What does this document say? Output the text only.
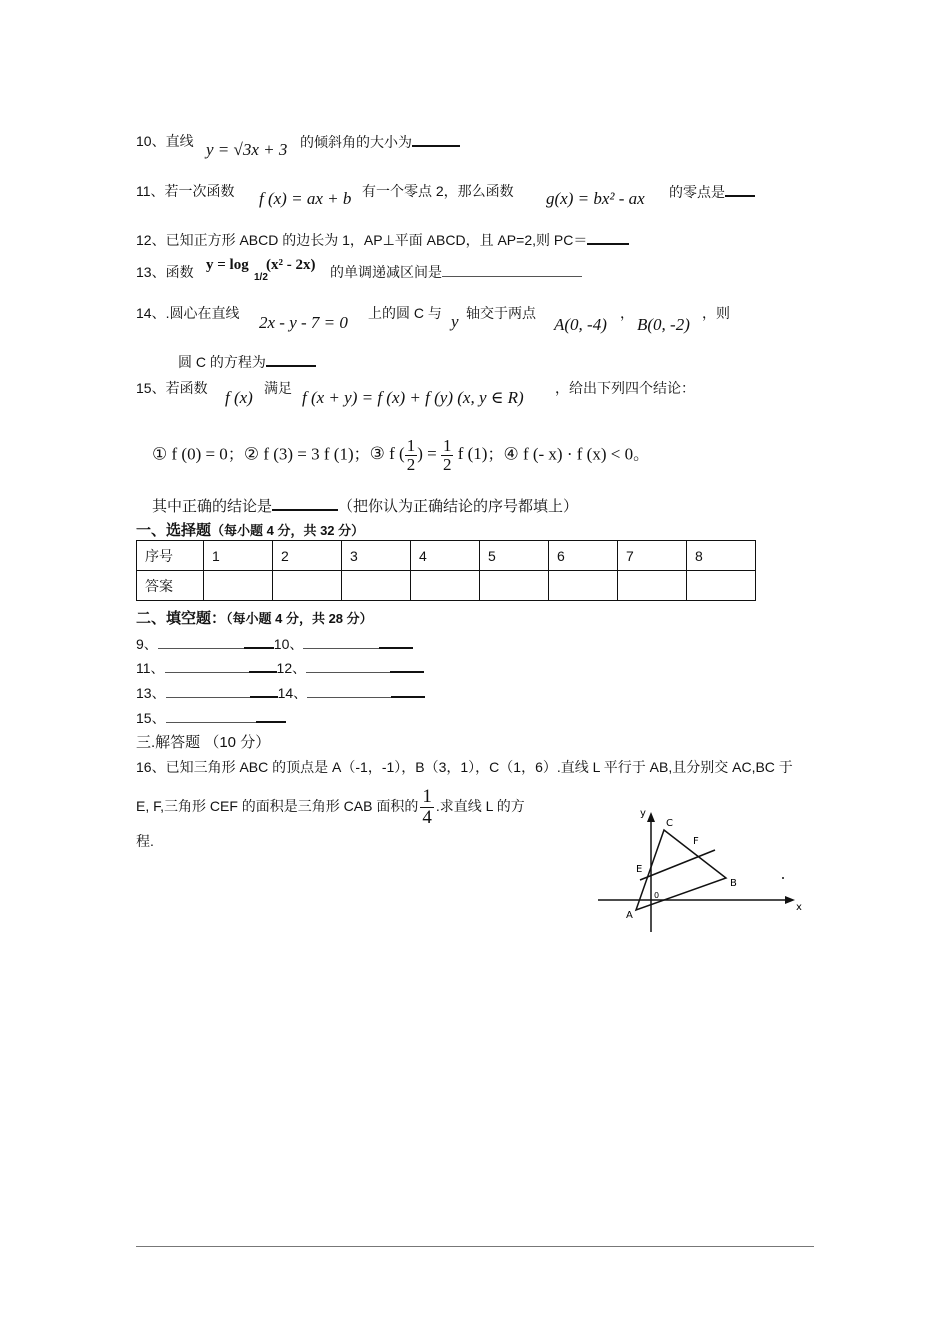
10、直线 y = √3x + 3 的倾斜角的大小为
11、若一次函数 f (x) = ax + b 有一个零点 2，那么函数 g(x) = bx² - ax 的零点是
12、已知正方形 ABCD 的边长为 1，AP⊥平面 ABCD，且 AP=2,则 PC＝
13、函数 y = log
1/2
(x² - 2x) 的单调递减区间是
14、.圆心在直线 2x - y - 7 = 0 上的圆 C 与 y 轴交于两点
A(0, -4)
，
B(0, -2)
，则
圆 C 的方程为
15、若函数 f (x) 满足 f (x + y) = f (x) + f (y) (x, y ∈ R) ，给出下列四个结论：
① f (0) = 0；② f (3) = 3 f (1)；③ f ( $\frac{1}{2}$ ) = $\frac{1}{2}$ f (1)；④ f (- x) · f (x) < 0。
其中正确的结论是	（把你认为正确结论的序号都填上）
一、选择题（每小题 4 分，共 32 分）
序号	1	2	3	4	5	6	7	8
答案								
二、填空题：（每小题 4 分，共 28 分）
9、	10、
11、	12、
13、	14、
15、
三.解答题 （10 分）
16、已知三角形 ABC 的顶点是 A（-1，-1），B（3，1），C（1，6）.直线 L 平行于 AB,且分别交 AC,BC 于
E, F,三角形 CEF 的面积是三角形 CAB 面积的 $\frac{1}{4}$ .求直线 L 的方
程.
y
x
C
F
E
B
A
0
